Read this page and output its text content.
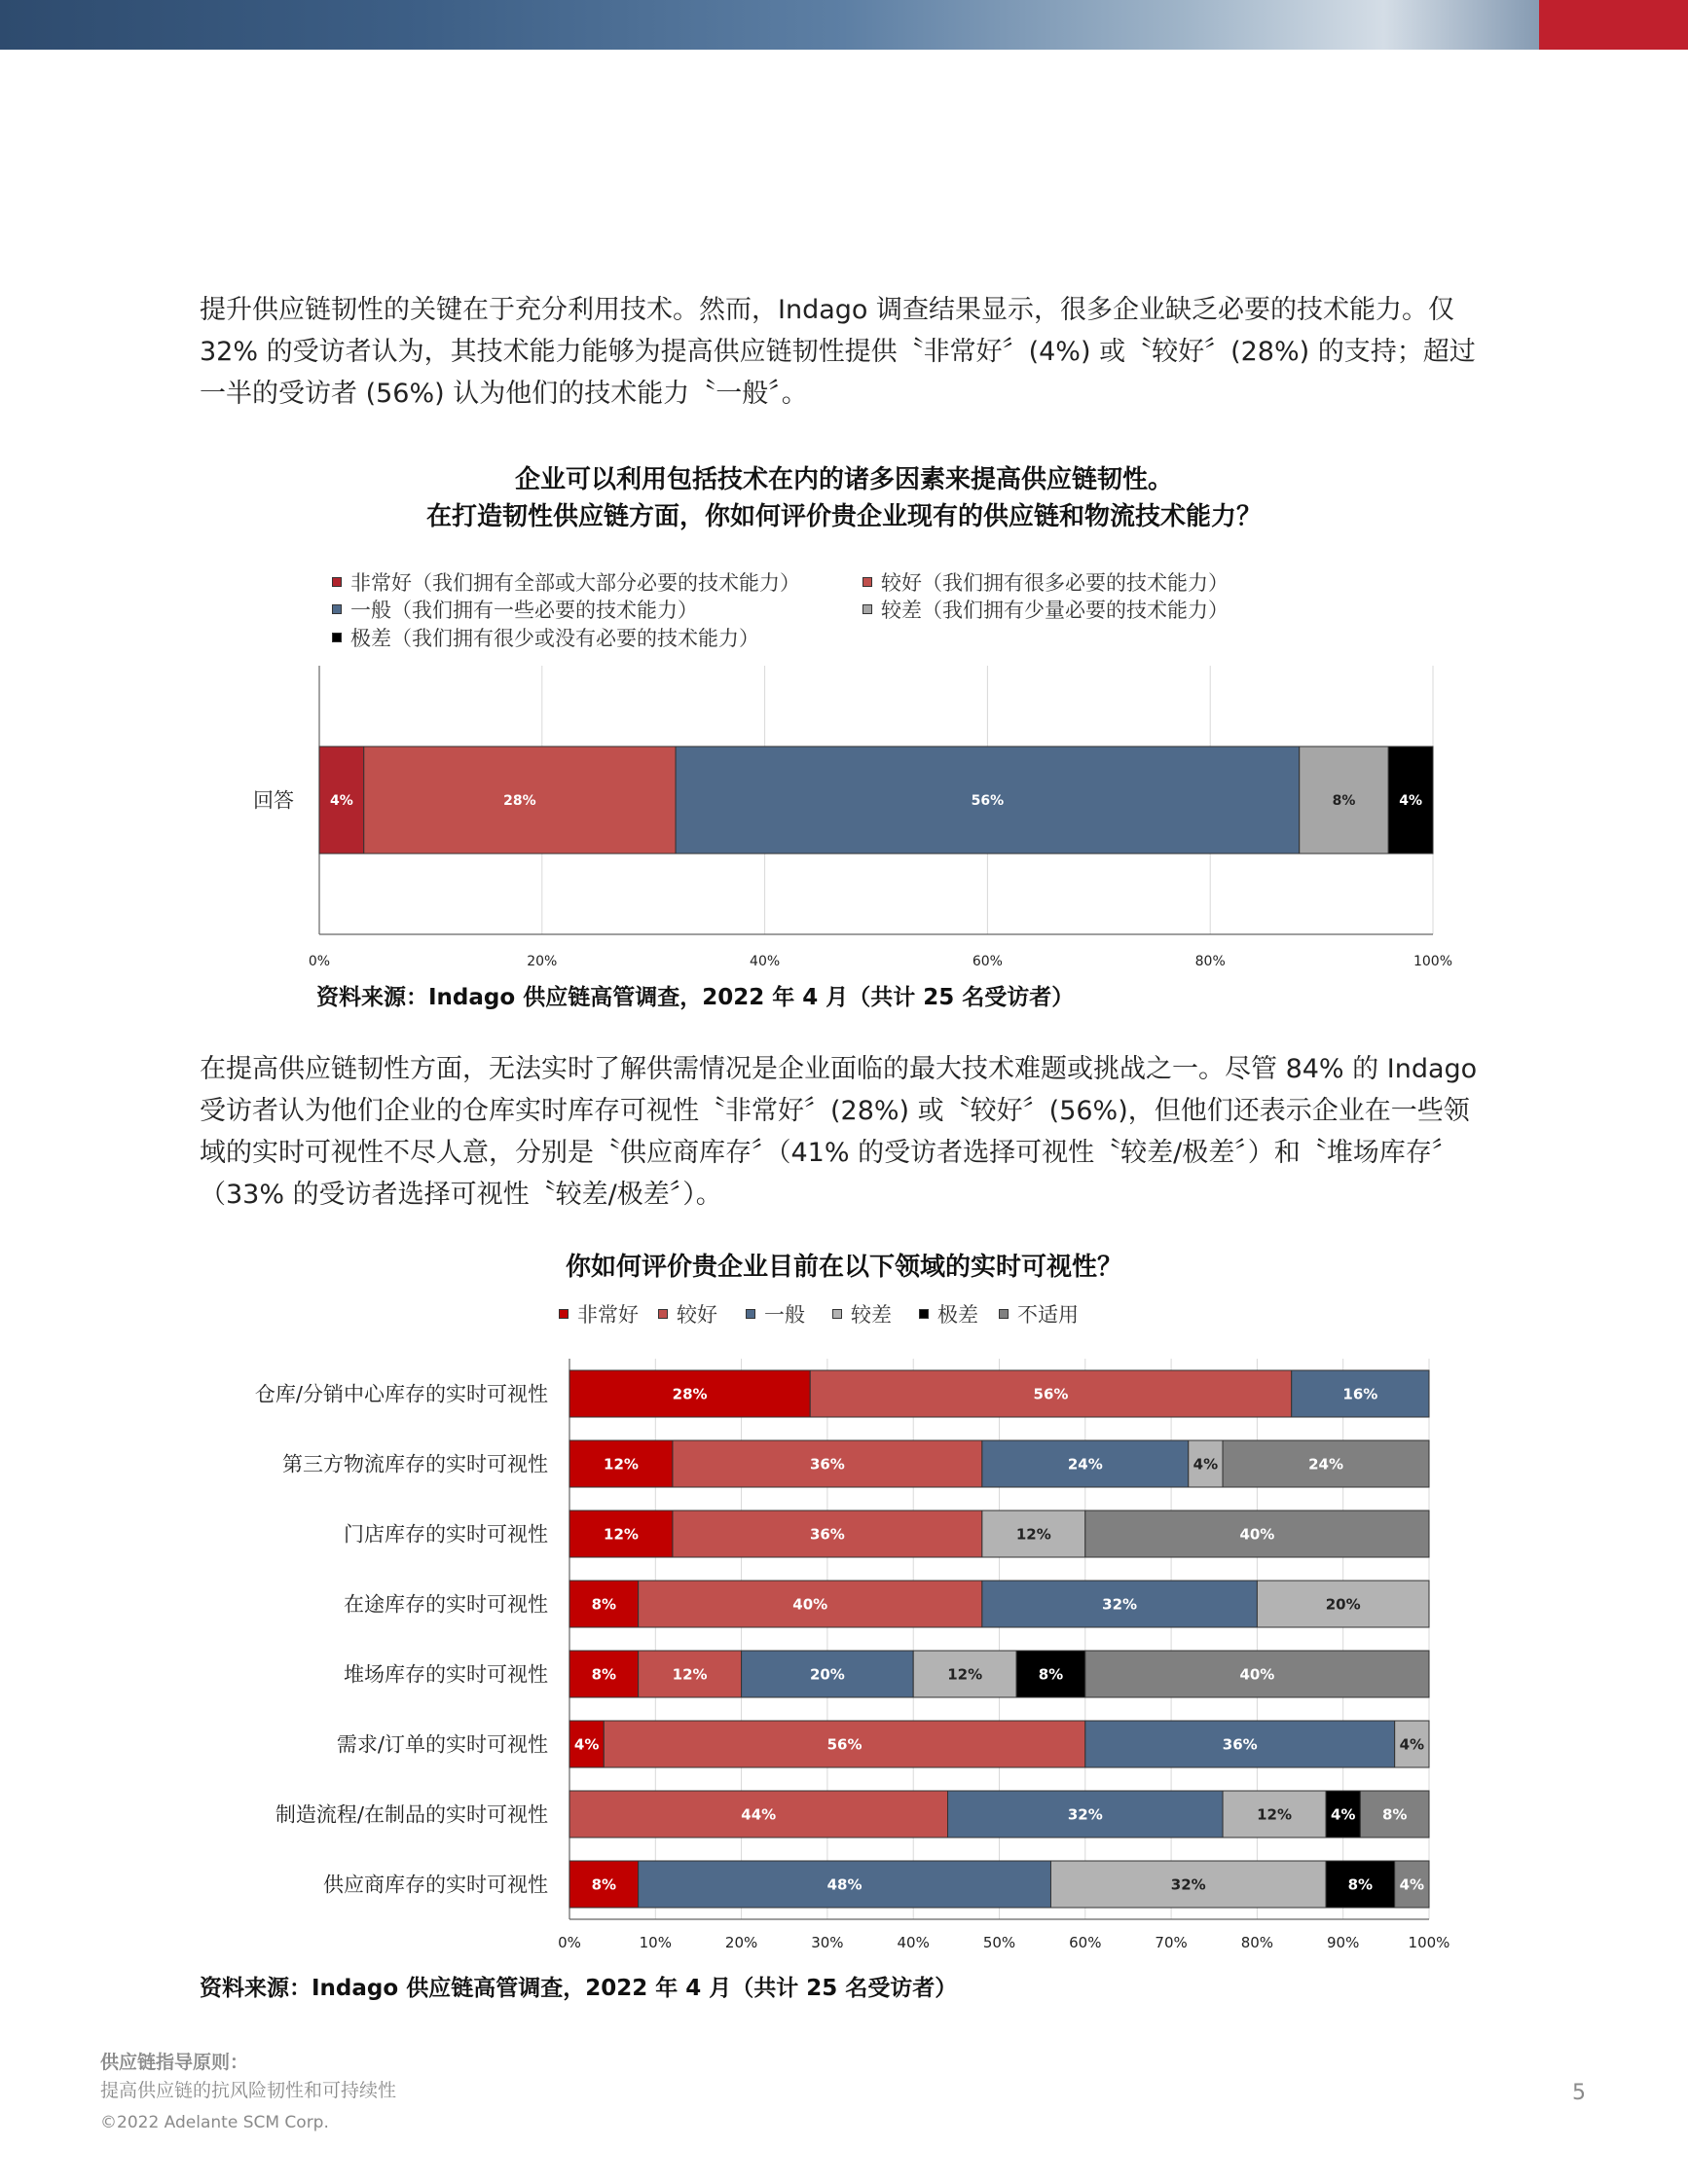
提升供应链韧性的关键在于充分利用技术。然而，Indago 调查结果显示，很多企业缺乏必要的技术能力。仅 32% 的受访者认为，其技术能力能够为提高供应链韧性提供〝非常好〞(4%) 或〝较好〞(28%) 的支持；超过一半的受访者 (56%) 认为他们的技术能力〝一般〞。

企业可以利用包括技术在内的诸多因素来提高供应链韧性。
在打造韧性供应链方面，你如何评价贵企业现有的供应链和物流技术能力？
非常好（我们拥有全部或大部分必要的技术能力）	较好（我们拥有很多必要的技术能力）
一般（我们拥有一些必要的技术能力）	较差（我们拥有少量必要的技术能力）
极差（我们拥有很少或没有必要的技术能力）
0%	20%	40%	60%	80%	100%
回答	4%	28%	56%	8%	4%
资料来源：Indago 供应链高管调查，2022 年 4 月（共计 25 名受访者）

在提高供应链韧性方面，无法实时了解供需情况是企业面临的最大技术难题或挑战之一。尽管 84% 的 Indago 受访者认为他们企业的仓库实时库存可视性〝非常好〞(28%) 或〝较好〞(56%)，但他们还表示企业在一些领域的实时可视性不尽人意，分别是〝供应商库存〞（41% 的受访者选择可视性〝较差/极差〞）和〝堆场库存〞（33% 的受访者选择可视性〝较差/极差〞）。

你如何评价贵企业目前在以下领域的实时可视性？
非常好	较好	一般	较差	极差	不适用
0%	10%	20%	30%	40%	50%	60%	70%	80%	90%	100%
仓库/分销中心库存的实时可视性	28%	56%	16%
第三方物流库存的实时可视性	12%	36%	24%	4%	24%
门店库存的实时可视性	12%	36%	12%	40%
在途库存的实时可视性	8%	40%	32%	20%
堆场库存的实时可视性	8%	12%	20%	12%	8%	40%
需求/订单的实时可视性 4%	56%	36%	4%
制造流程/在制品的实时可视性	44%	32%	12%	4% 8%
供应商库存的实时可视性	8%	48%	32%	8% 4%
资料来源：Indago 供应链高管调查，2022 年 4 月（共计 25 名受访者）
供应链指导原则：
提高供应链的抗风险韧性和可持续性
©2022 Adelante SCM Corp.
5
